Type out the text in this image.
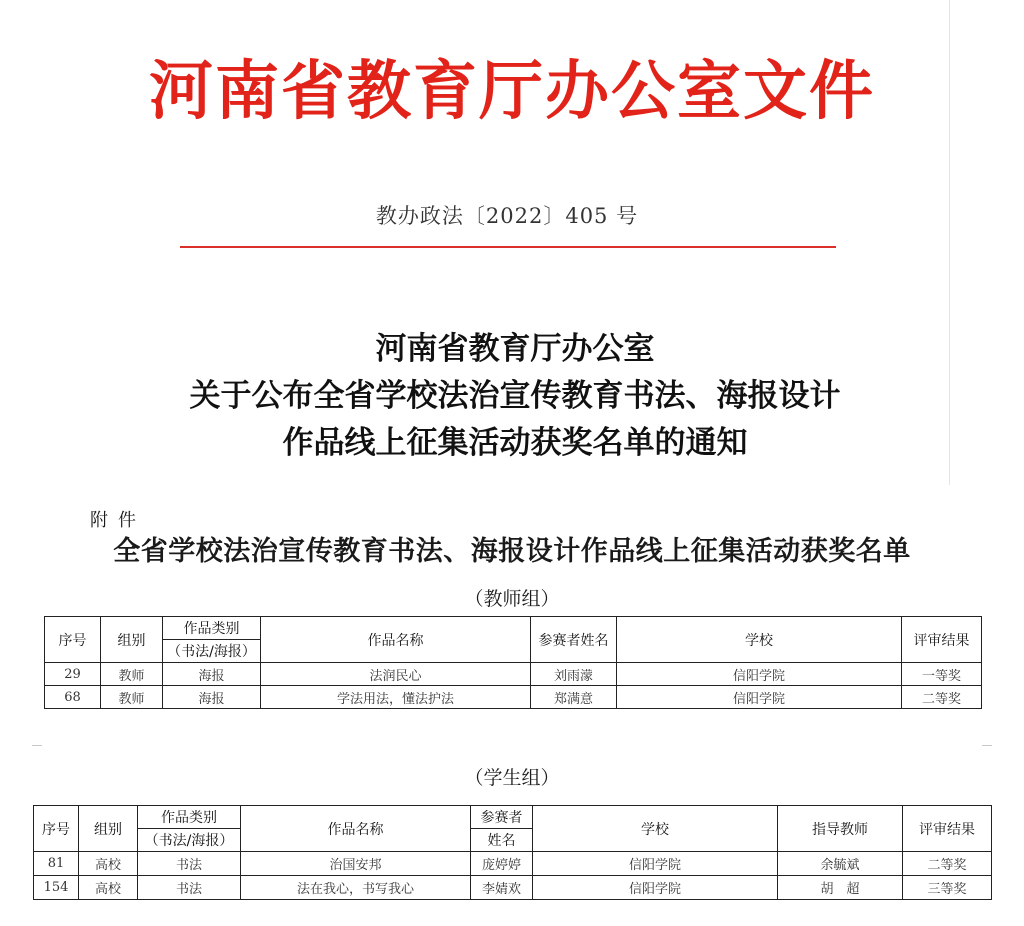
河南省教育厅办公室文件
教办政法〔2022〕405 号
河南省教育厅办公室
关于公布全省学校法治宣传教育书法、海报设计
作品线上征集活动获奖名单的通知
附件
全省学校法治宣传教育书法、海报设计作品线上征集活动获奖名单
（教师组）
序号	组别	作品类别	作品名称	参赛者姓名	学校	评审结果
		（书法/海报）				
29	教师	海报	法润民心	刘雨濛	信阳学院	一等奖
68	教师	海报	学法用法，懂法护法	郑满意	信阳学院	二等奖
（学生组）
序号	组别	作品类别	作品名称	参赛者	学校	指导教师	评审结果
		（书法/海报）		姓名			
81	高校	书法	治国安邦	庞婷婷	信阳学院	余毓斌	二等奖
154	高校	书法	法在我心，书写我心	李婧欢	信阳学院	胡　超	三等奖
